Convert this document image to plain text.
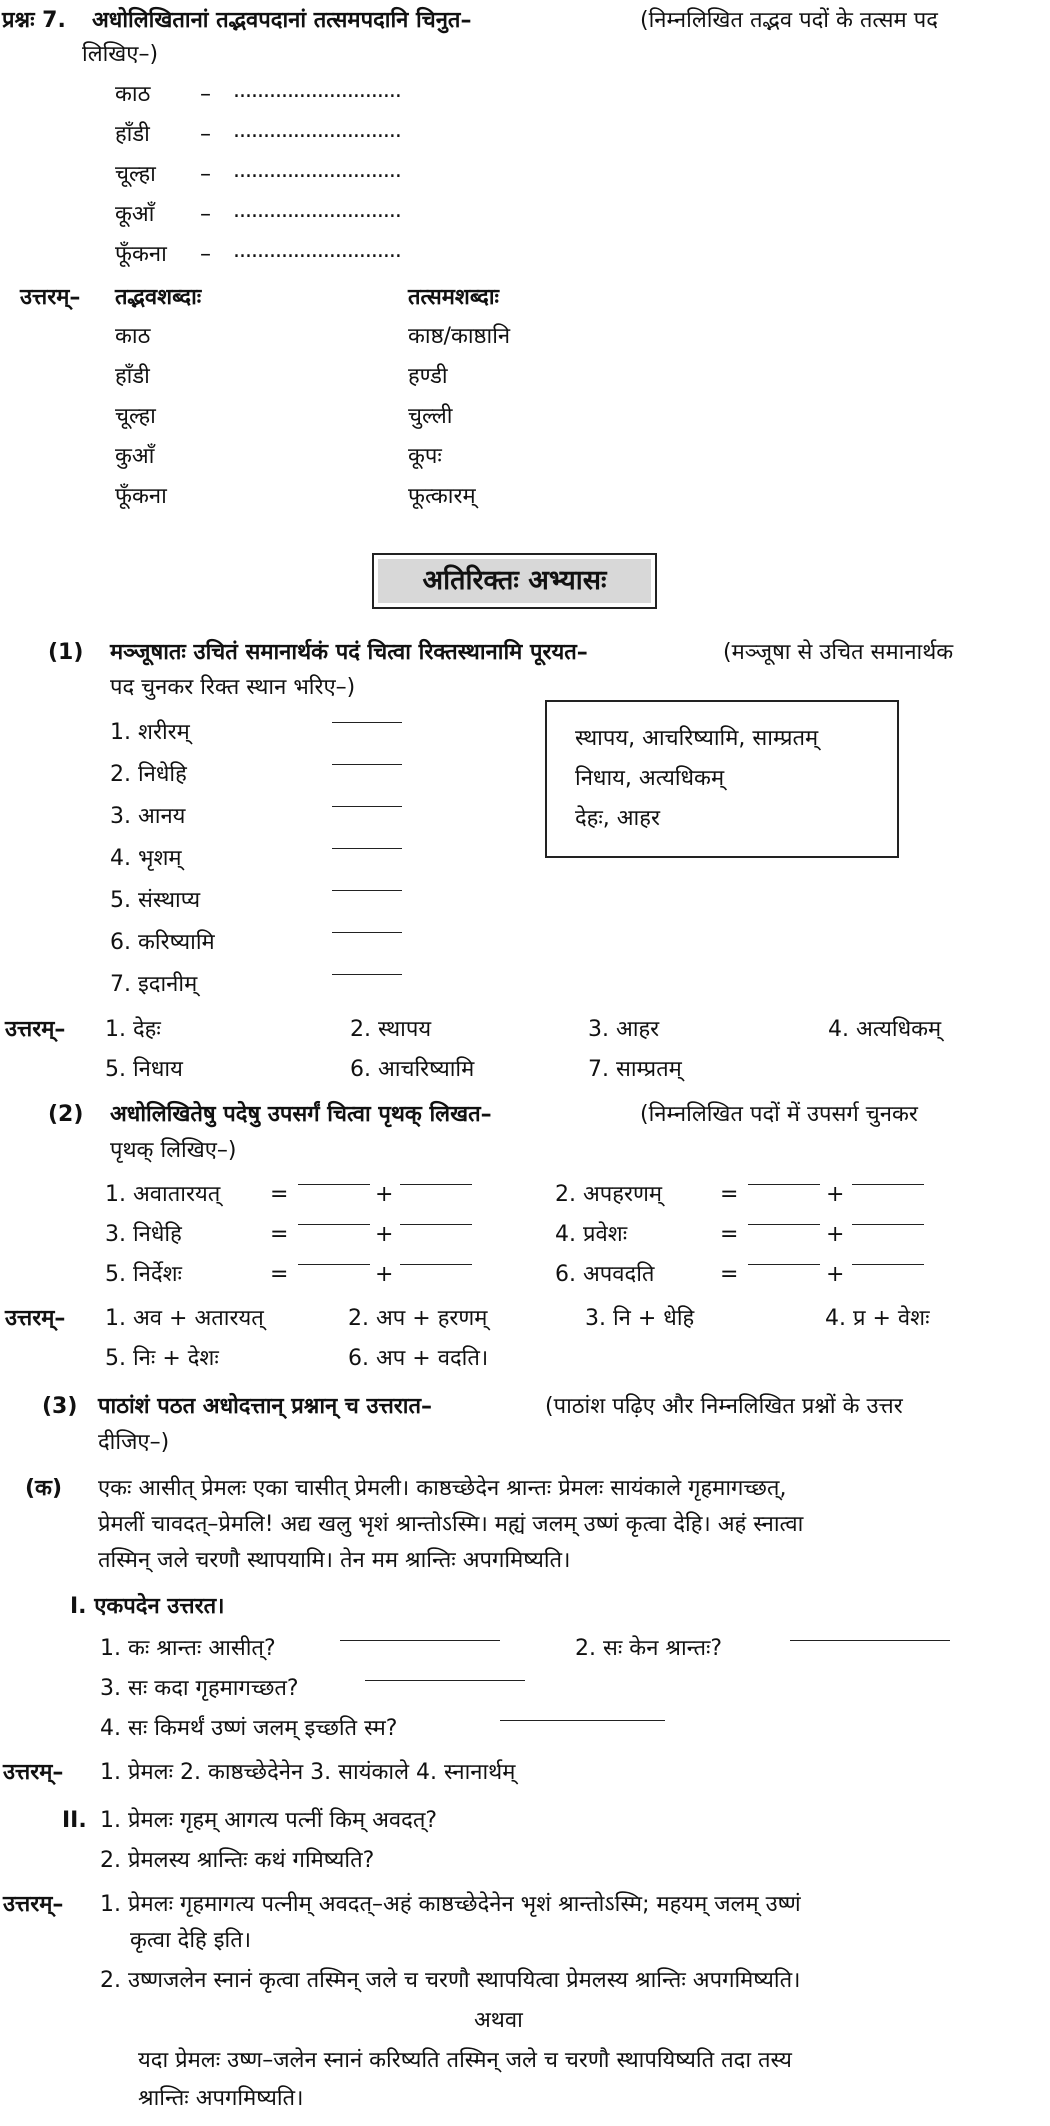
प्रश्नः 7. अधोलिखितानां तद्भवपदानां तत्समपदानि चिनुत–	(निम्नलिखित तद्भव पदों के तत्सम पद
लिखिए–)
काठ – ............................
हाँडी – ............................
चूल्हा – ............................
कूआँ – ............................
फूँकना – ............................
उत्तरम्– तद्भवशब्दाः	तत्समशब्दाः
काठ	काष्ठ/काष्ठानि
हाँडी	हण्डी
चूल्हा	चुल्ली
कुआँ	कूपः
फूँकना	फूत्कारम्
अतिरिक्तः अभ्यासः
(1) मञ्जूषातः उचितं समानार्थकं पदं चित्वा रिक्तस्थानामि पूरयत–	(मञ्जूषा से उचित समानार्थक
पद चुनकर रिक्त स्थान भरिए–)
1. शरीरम्
2. निधेहि
3. आनय
4. भृशम्
5. संस्थाप्य
6. करिष्यामि
7. इदानीम्
स्थापय, आचरिष्यामि, साम्प्रतम्
निधाय, अत्यधिकम्
देहः, आहर
उत्तरम्– 1. देहः	2. स्थापय	3. आहर	4. अत्यधिकम्
5. निधाय	6. आचरिष्यामि	7. साम्प्रतम्
(2) अधोलिखितेषु पदेषु उपसर्गं चित्वा पृथक् लिखत–	(निम्नलिखित पदों में उपसर्ग चुनकर
पृथक् लिखिए–)
1. अवातारयत् =	+	2. अपहरणम्	=	+
3. निधेहि	=	+	4. प्रवेशः	=	+
5. निर्देशः	=	+	6. अपवदति	=	+
उत्तरम्– 1. अव + अतारयत्	2. अप + हरणम्	3. नि + धेहि	4. प्र + वेशः
5. निः + देशः	6. अप + वदति।
(3) पाठांशं पठत अधोदत्तान् प्रश्नान् च उत्तरात–	(पाठांश पढ़िए और निम्नलिखित प्रश्नों के उत्तर
दीजिए–)
(क) एकः आसीत् प्रेमलः एका चासीत् प्रेमली। काष्ठच्छेदेन श्रान्तः प्रेमलः सायंकाले गृहमागच्छत्,
प्रेमलीं चावदत्–प्रेमलि! अद्य खलु भृशं श्रान्तोऽस्मि। मह्यं जलम् उष्णं कृत्वा देहि। अहं स्नात्वा
तस्मिन् जले चरणौ स्थापयामि। तेन मम श्रान्तिः अपगमिष्यति।
I. एकपदेन उत्तरत।
1. कः श्रान्तः आसीत्?	2. सः केन श्रान्तः?
3. सः कदा गृहमागच्छत?
4. सः किमर्थं उष्णं जलम् इच्छति स्म?
उत्तरम्– 1. प्रेमलः 2. काष्ठच्छेदेनेन 3. सायंकाले 4. स्नानार्थम्
II. 1. प्रेमलः गृहम् आगत्य पत्नीं किम् अवदत्?
2. प्रेमलस्य श्रान्तिः कथं गमिष्यति?
उत्तरम्– 1. प्रेमलः गृहमागत्य पत्नीम् अवदत्–अहं काष्ठच्छेदेनेन भृशं श्रान्तोऽस्मि; महयम् जलम् उष्णं
कृत्वा देहि इति।
2. उष्णजलेन स्नानं कृत्वा तस्मिन् जले च चरणौ स्थापयित्वा प्रेमलस्य श्रान्तिः अपगमिष्यति।
अथवा
यदा प्रेमलः उष्ण–जलेन स्नानं करिष्यति तस्मिन् जले च चरणौ स्थापयिष्यति तदा तस्य
श्रान्तिः अपगमिष्यति।
